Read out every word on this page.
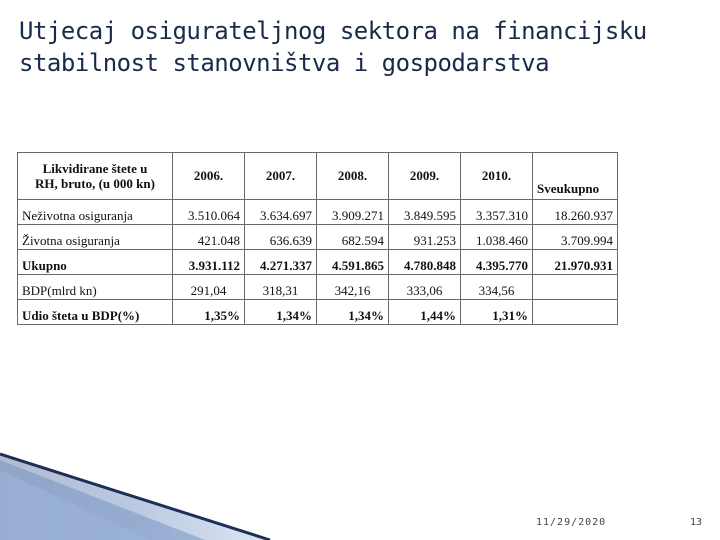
Utjecaj osigurateljnog sektora na financijsku
stabilnost stanovništva i gospodarstva
Likvidirane štete u
RH, bruto, (u 000 kn)	2006.	2007.	2008.	2009.	2010.	Sveukupno
Neživotna osiguranja	3.510.064	3.634.697	3.909.271	3.849.595	3.357.310	18.260.937
Životna osiguranja	421.048	636.639	682.594	931.253	1.038.460	3.709.994
Ukupno	3.931.112	4.271.337	4.591.865	4.780.848	4.395.770	21.970.931
BDP(mlrd kn)	291,04	318,31	342,16	333,06	334,56	
Udio šteta u BDP(%)	1,35%	1,34%	1,34%	1,44%	1,31%	
11/29/2020	13
